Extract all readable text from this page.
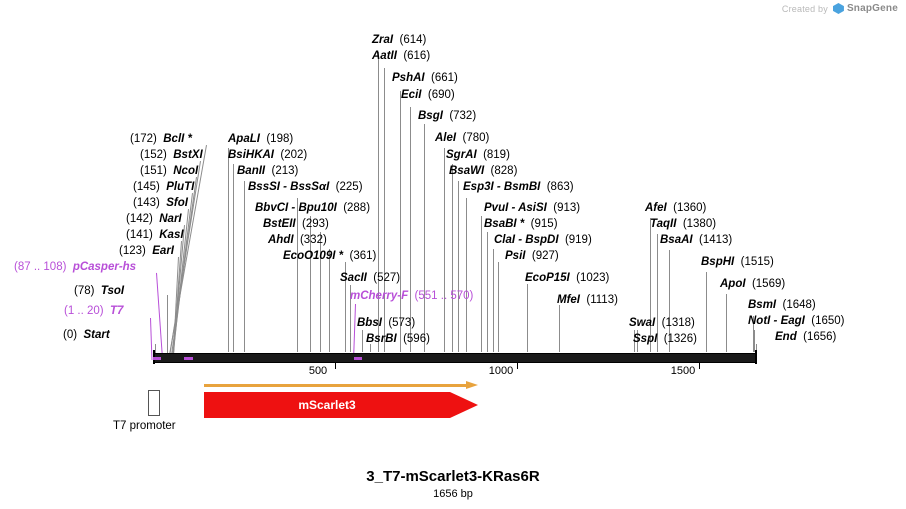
Created by SnapGene
ZraI (614)
AatII (616)
PshAI (661)
EciI (690)
BsgI (732)
AleI (780)
SgrAI (819)
BsaWI (828)
Esp3I - BsmBI (863)
PvuI - AsiSI (913)
BsaBI * (915)
ClaI - BspDI (919)
PsiI (927)
EcoP15I (1023)
MfeI (1113)
SwaI (1318)
SspI (1326)
AfeI (1360)
TaqII (1380)
BsaAI (1413)
BspHI (1515)
ApoI (1569)
BsmI (1648)
NotI - EagI (1650)
End (1656)
(172) BclI *
(152) BstXI
(151) NcoI
(145) PluTI
(143) SfoI
(142) NarI
(141) KasI
(123) EarI
(78) TsoI
(0) Start
ApaLI (198)
BsiHKAI (202)
BanII (213)
BssSI - BssSαI (225)
BbvCI - Bpu10I (288)
BstEII (293)
AhdI (332)
EcoO109I * (361)
SacII (527)
BbsI (573)
BsrBI (596)
(87 .. 108) pCasper-hs
(1 .. 20) T7
mCherry-F (551 .. 570)
500	1000	1500
mScarlet3
T7 promoter
3_T7-mScarlet3-KRas6R
1656 bp
